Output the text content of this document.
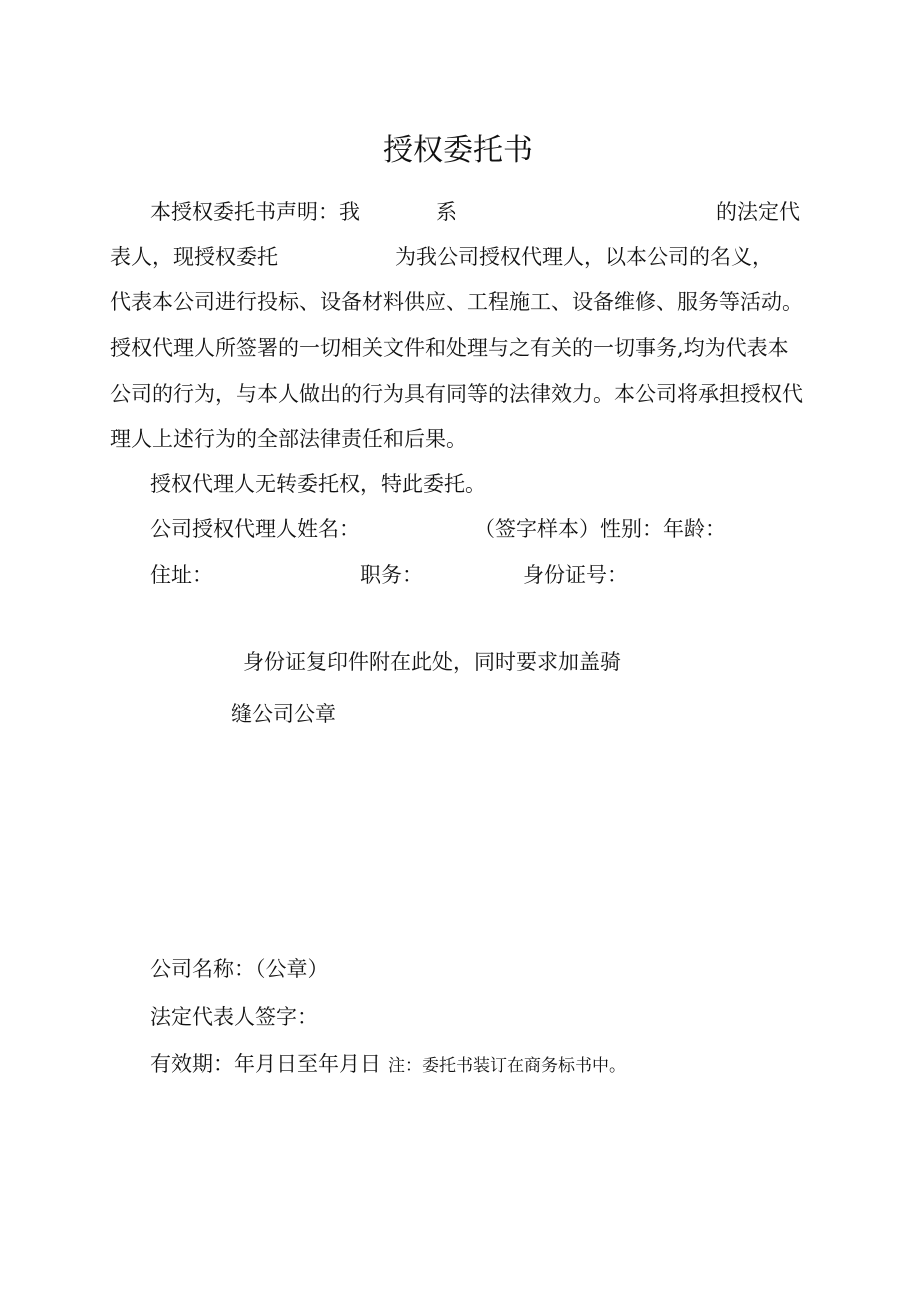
授权委托书

本授权委托书声明：我	系	的法定代

表人，现授权委托	为我公司授权代理人，以本公司的名义，

代表本公司进行投标、设备材料供应、工程施工、设备维修、服务等活动。

授权代理人所签署的一切相关文件和处理与之有关的一切事务,均为代表本

公司的行为，与本人做出的行为具有同等的法律效力。本公司将承担授权代

理人上述行为的全部法律责任和后果。

授权代理人无转委托权，特此委托。

公司授权代理人姓名：	（签字样本） 性别：年龄：

住址：	职务：	身份证号：

身份证复印件附在此处，同时要求加盖骑

缝公司公章

公司名称：（公章）

法定代表人签字：

有效期：年月日至年月日 注：委托书装订在商务标书中。
